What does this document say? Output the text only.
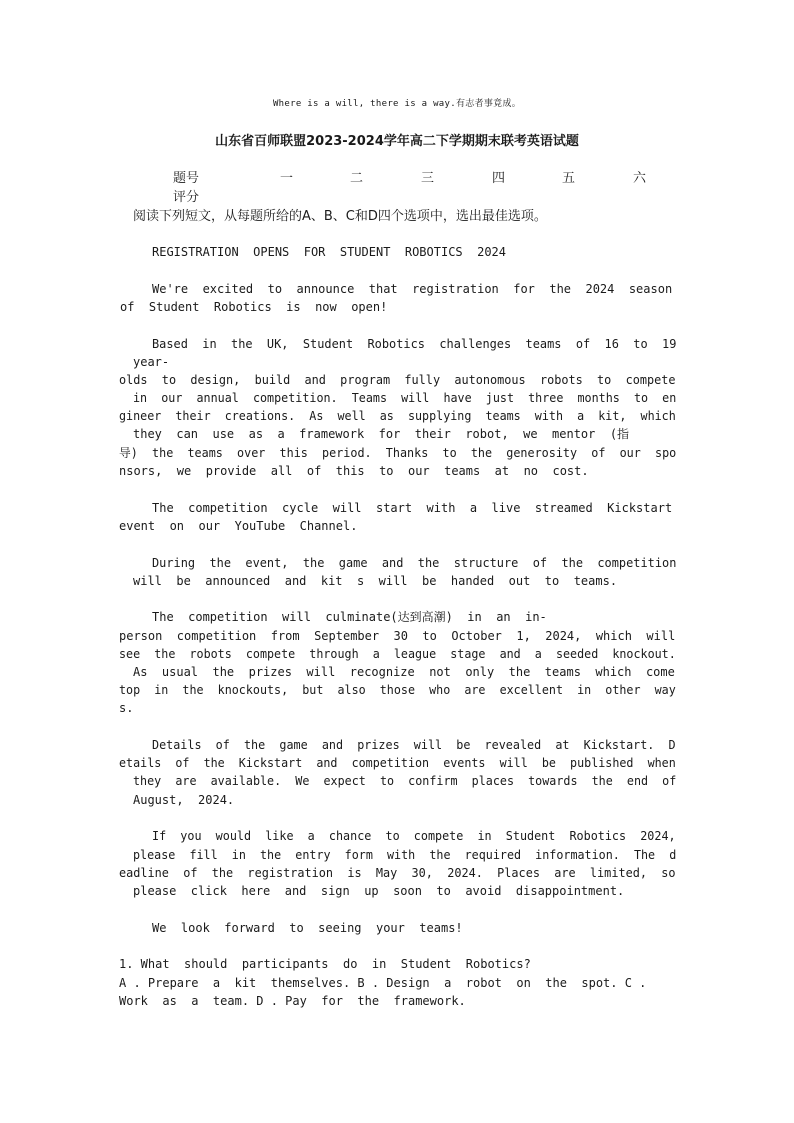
Where is a will, there is a way.有志者事竟成。
山东省百师联盟2023-2024学年高二下学期期末联考英语试题
题号	一	二	三	四	五	六
评分
阅读下列短文，从每题所给的A、B、C和D四个选项中，选出最佳选项。
REGISTRATION  OPENS  FOR  STUDENT  ROBOTICS  2024
We're  excited  to  announce  that  registration  for  the  2024  season
of  Student  Robotics  is  now  open!
Based  in  the  UK,  Student  Robotics  challenges  teams  of  16  to  19
year-
olds  to  design,  build  and  program  fully  autonomous  robots  to  compete
in  our  annual  competition.  Teams  will  have  just  three  months  to  en
gineer  their  creations.  As  well  as  supplying  teams  with  a  kit,  which
they  can  use  as  a  framework  for  their  robot,  we  mentor  (指
导)  the  teams  over  this  period.  Thanks  to  the  generosity  of  our  spo
nsors,  we  provide  all  of  this  to  our  teams  at  no  cost.
The  competition  cycle  will  start  with  a  live  streamed  Kickstart
event  on  our  YouTube  Channel.
During  the  event,  the  game  and  the  structure  of  the  competition
will  be  announced  and  kit  s  will  be  handed  out  to  teams.
The  competition  will  culminate(达到高潮)  in  an  in-
person  competition  from  September  30  to  October  1,  2024,  which  will
see  the  robots  compete  through  a  league  stage  and  a  seeded  knockout.
As  usual  the  prizes  will  recognize  not  only  the  teams  which  come
top  in  the  knockouts,  but  also  those  who  are  excellent  in  other  way
s.
Details  of  the  game  and  prizes  will  be  revealed  at  Kickstart.  D
etails  of  the  Kickstart  and  competition  events  will  be  published  when
they  are  available.  We  expect  to  confirm  places  towards  the  end  of
August,  2024.
If  you  would  like  a  chance  to  compete  in  Student  Robotics  2024,
please  fill  in  the  entry  form  with  the  required  information.  The  d
eadline  of  the  registration  is  May  30,  2024.  Places  are  limited,  so
please  click  here  and  sign  up  soon  to  avoid  disappointment.
We  look  forward  to  seeing  your  teams!
1. What  should  participants  do  in  Student  Robotics?
A . Prepare  a  kit  themselves. B . Design  a  robot  on  the  spot. C .
Work  as  a  team. D . Pay  for  the  framework.
